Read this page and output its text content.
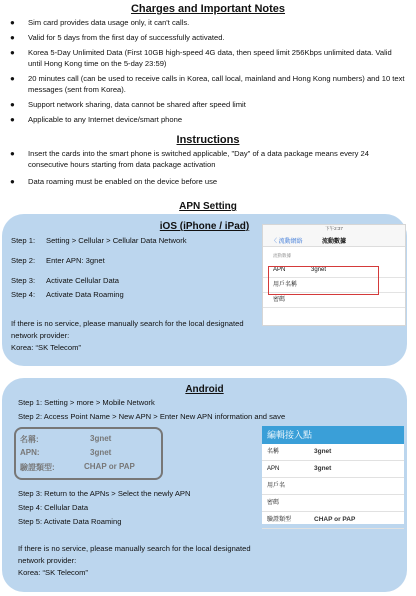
Charges and Important Notes
●	Sim card provides data usage only, it can't calls.
●	Valid for 5 days from the first day of successfully activated.
●	Korea 5-Day Unlimited Data (First 10GB high-speed 4G data, then speed limit 256Kbps unlimited data. Valid until Hong Kong time on the 5-day 23:59)
●	20 minutes call (can be used to receive calls in Korea, call local, mainland and Hong Kong numbers) and 10 text messages (sent from Korea).
●	Support network sharing, data cannot be shared after speed limit
●	Applicable to any Internet device/smart phone
Instructions
●	Insert the cards into the smart phone is switched applicable, "Day" of a data package means every 24 consecutive hours starting from data package activation
●	Data roaming must be enabled on the device before use
APN Setting
iOS (iPhone / iPad)
Step 1: Setting > Cellular > Cellular Data Network
Step 2: Enter APN: 3gnet
Step 3: Activate Cellular Data
Step 4: Activate Data Roaming
If there is no service, please manually search for the local designated
network provider:
Korea: “SK Telecom”
下午2:37
〈 流動網絡	流動數據
流動數據
APN	3gnet
用戶名稱
密碼
Android
Step 1: Setting > more > Mobile Network
Step 2: Access Point Name > New APN > Enter New APN information and save
名稱:	3gnet
APN:	3gnet
驗證類型:	CHAP or PAP
Step 3: Return to the APNs > Select the newly APN
Step 4: Cellular Data
Step 5: Activate Data Roaming
If there is no service, please manually search for the local designated
network provider:
Korea: “SK Telecom”
編輯接入點
名稱	3gnet
APN	3gnet
用戶名
密碼
驗證類型	CHAP or PAP
